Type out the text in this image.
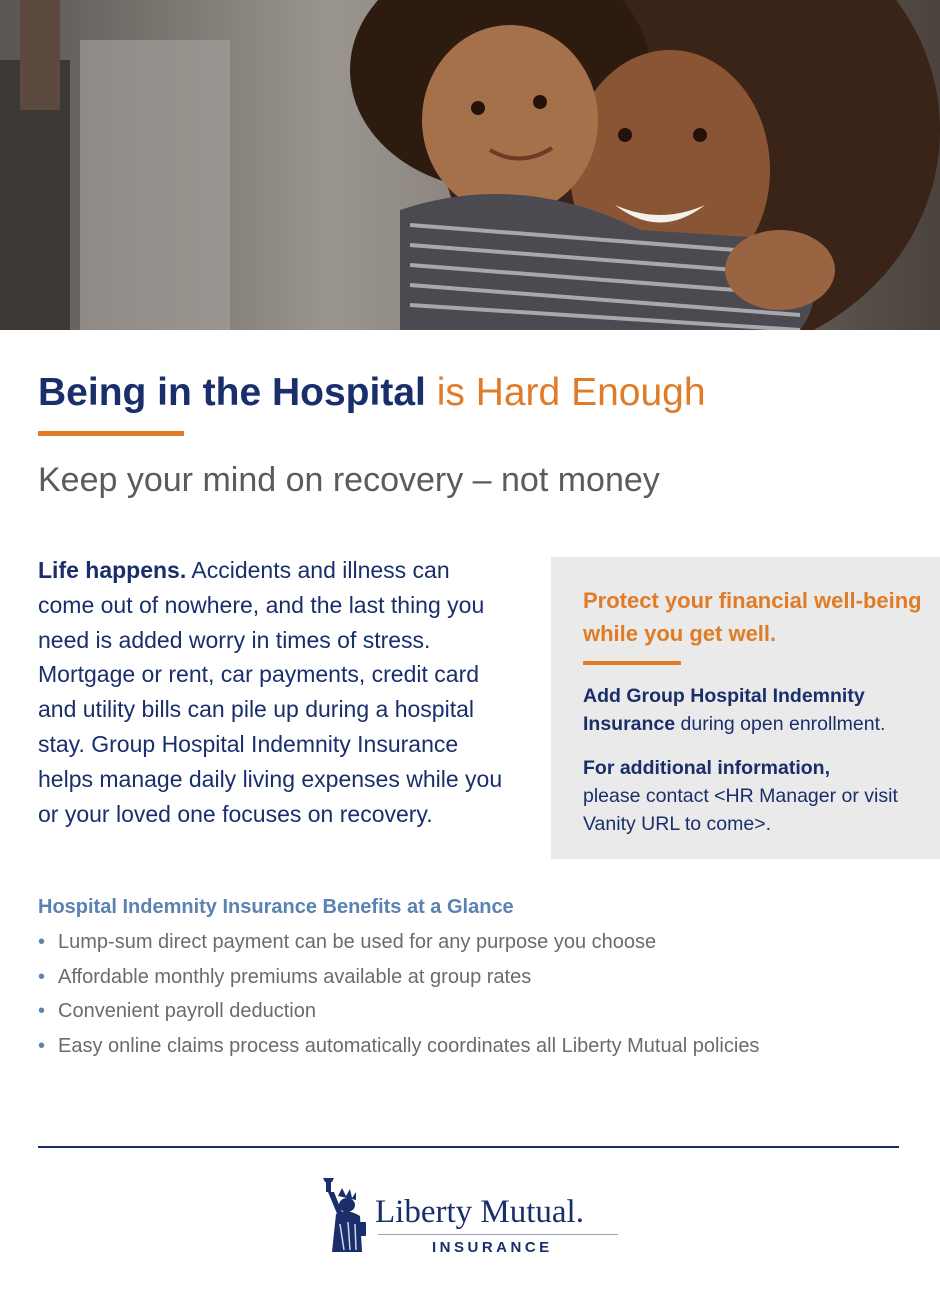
Being in the Hospital is Hard Enough
Keep your mind on recovery – not money

Life happens. Accidents and illness can come out of nowhere, and the last thing you need is added worry in times of stress. Mortgage or rent, car payments, credit card and utility bills can pile up during a hospital stay. Group Hospital Indemnity Insurance helps manage daily living expenses while you or your loved one focuses on recovery.

Protect your financial well-being while you get well.

Add Group Hospital Indemnity Insurance during open enrollment.

For additional information,
please contact <HR Manager or visit Vanity URL to come>.

Hospital Indemnity Insurance Benefits at a Glance
• Lump-sum direct payment can be used for any purpose you choose
• Affordable monthly premiums available at group rates
• Convenient payroll deduction
• Easy online claims process automatically coordinates all Liberty Mutual policies
Liberty Mutual.
INSURANCE
